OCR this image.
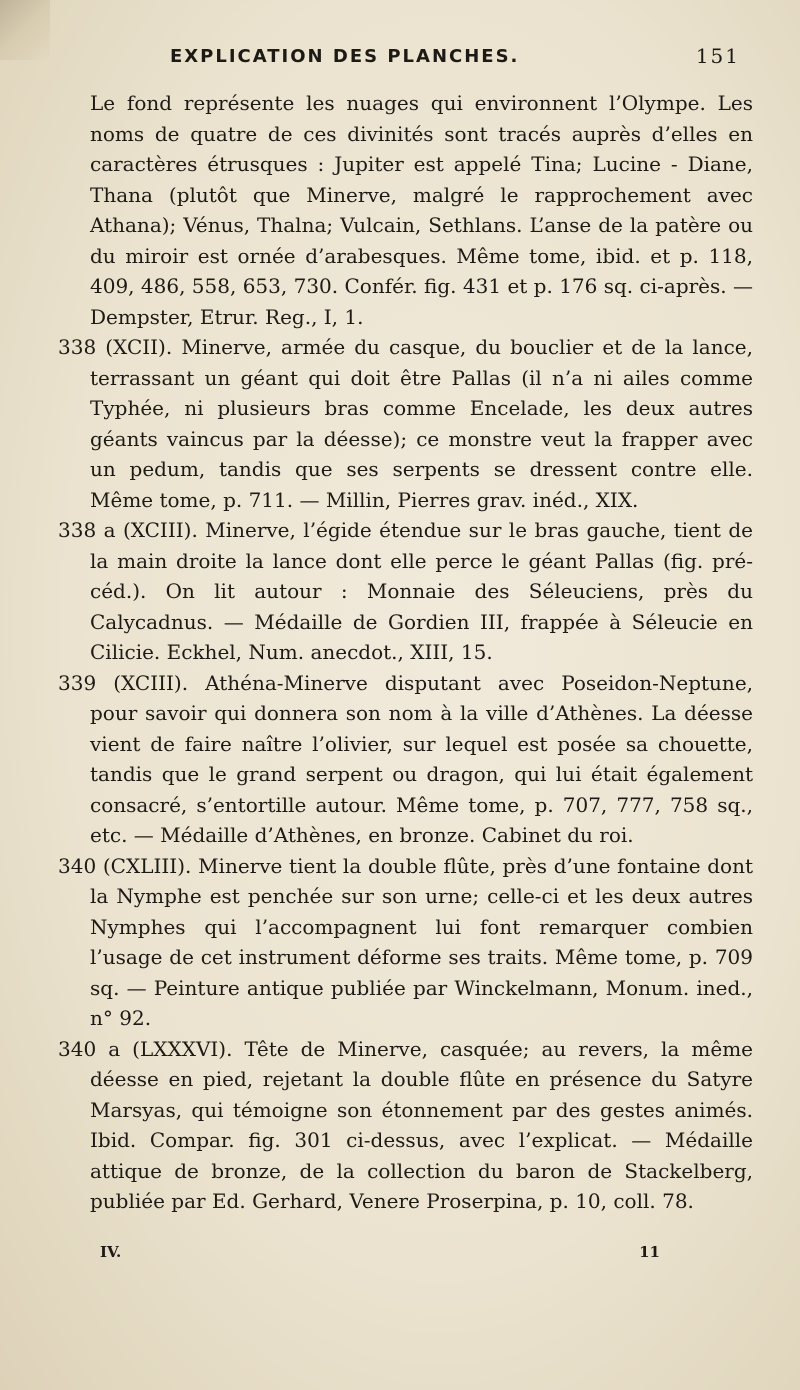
EXPLICATION DES PLANCHES.	151

Le fond représente les nuages qui environnent l’Olympe. Les noms de quatre de ces divinités sont tracés auprès d’elles en caractères étrusques : Jupiter est appelé Tina; Lucine - Diane, Thana (plutôt que Minerve, malgré le rapprochement avec Athana); Vénus, Thalna; Vulcain, Sethlans. L’anse de la patère ou du miroir est ornée d’arabesques. Même tome, ibid. et p. 118, 409, 486, 558, 653, 730. Confér. fig. 431 et p. 176 sq. ci-après. — Dempster, Etrur. Reg., I, 1.

338 (XCII). Minerve, armée du casque, du bouclier et de la lance, terrassant un géant qui doit être Pallas (il n’a ni ailes comme Typhée, ni plusieurs bras comme Encelade, les deux autres géants vaincus par la déesse); ce monstre veut la frapper avec un pedum, tandis que ses serpents se dressent contre elle. Même tome, p. 711. — Millin, Pierres grav. inéd., XIX.

338 a (XCIII). Minerve, l’égide étendue sur le bras gauche, tient de la main droite la lance dont elle perce le géant Pallas (fig. pré-céd.). On lit autour : Monnaie des Séleuciens, près du Calycadnus. — Médaille de Gordien III, frappée à Séleucie en Cilicie. Eckhel, Num. anecdot., XIII, 15.

339 (XCIII). Athéna-Minerve disputant avec Poseidon-Neptune, pour savoir qui donnera son nom à la ville d’Athènes. La déesse vient de faire naître l’olivier, sur lequel est posée sa chouette, tandis que le grand serpent ou dragon, qui lui était également consacré, s’entortille autour. Même tome, p. 707, 777, 758 sq., etc. — Médaille d’Athènes, en bronze. Cabinet du roi.

340 (CXLIII). Minerve tient la double flûte, près d’une fontaine dont la Nymphe est penchée sur son urne; celle-ci et les deux autres Nymphes qui l’accompagnent lui font remarquer combien l’usage de cet instrument déforme ses traits. Même tome, p. 709 sq. — Peinture antique publiée par Winckelmann, Monum. ined., n° 92.

340 a (LXXXVI). Tête de Minerve, casquée; au revers, la même déesse en pied, rejetant la double flûte en présence du Satyre Marsyas, qui témoigne son étonnement par des gestes animés. Ibid. Compar. fig. 301 ci-dessus, avec l’explicat. — Médaille attique de bronze, de la collection du baron de Stackelberg, publiée par Ed. Gerhard, Venere Proserpina, p. 10, coll. 78.

IV.	11
